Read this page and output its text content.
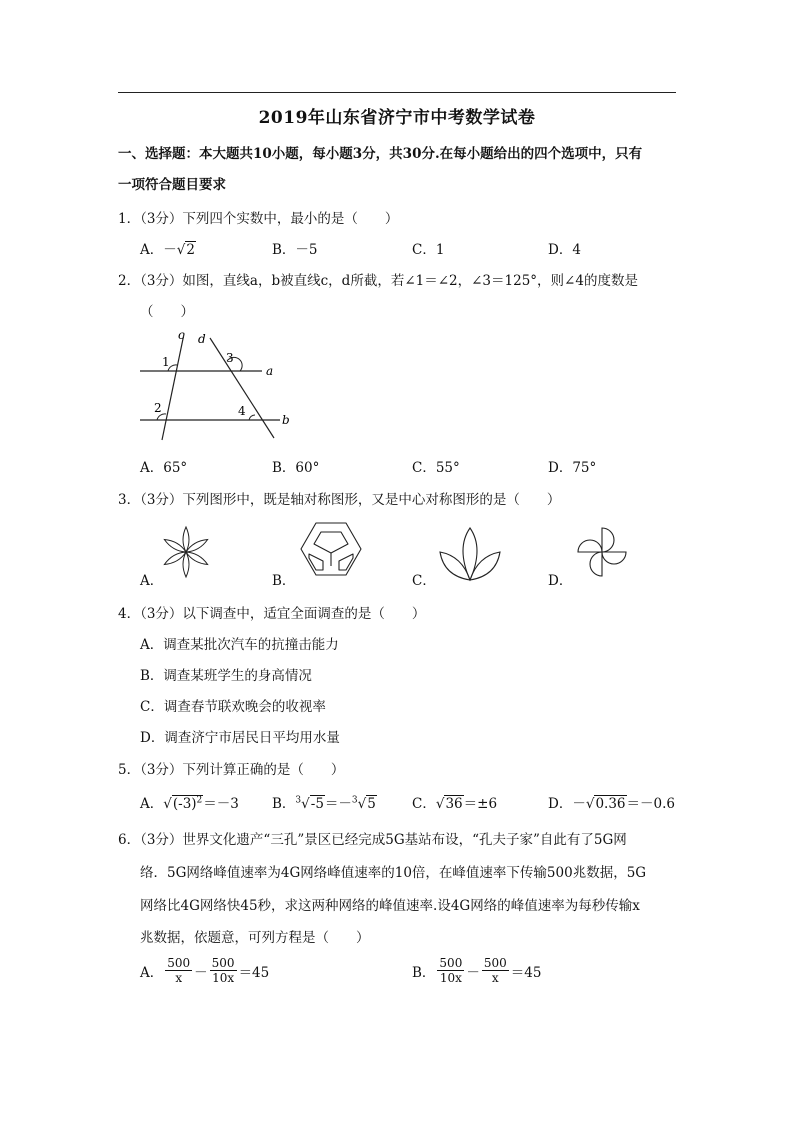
2019年山东省济宁市中考数学试卷
一、选择题：本大题共10小题，每小题3分，共30分.在每小题给出的四个选项中，只有
一项符合题目要求
1．（3分）下列四个实数中，最小的是（　　）
A．－√2	B．－5	C．1	D．4
2．（3分）如图，直线a，b被直线c，d所截，若∠1＝∠2，∠3＝125°，则∠4的度数是
（　　）
c d
a
b
1
2
3
4
A．65°	B．60°	C．55°	D．75°
3．（3分）下列图形中，既是轴对称图形，又是中心对称图形的是（　　）
A．	B．	C．	D．
4．（3分）以下调查中，适宜全面调查的是（　　）
A．调查某批次汽车的抗撞击能力
B．调查某班学生的身高情况
C．调查春节联欢晚会的收视率
D．调查济宁市居民日平均用水量
5．（3分）下列计算正确的是（　　）
A．$√(-3)^2=-3$ B．$^3$√-5＝－$^3$√5	C．√36＝±6	D．－√0.36＝－0.6
6．（3分）世界文化遗产“三孔”景区已经完成5G基站布设，“孔夫子家”自此有了5G网
络．5G网络峰值速率为4G网络峰值速率的10倍，在峰值速率下传输500兆数据，5G
网络比4G网络快45秒，求这两种网络的峰值速率.设4G网络的峰值速率为每秒传输x
兆数据，依题意，可列方程是（　　）
A． $\frac{500}{x} - \frac{500}{10x} =45$	B． $\frac{500}{10x} - \frac{500}{x} =45$
